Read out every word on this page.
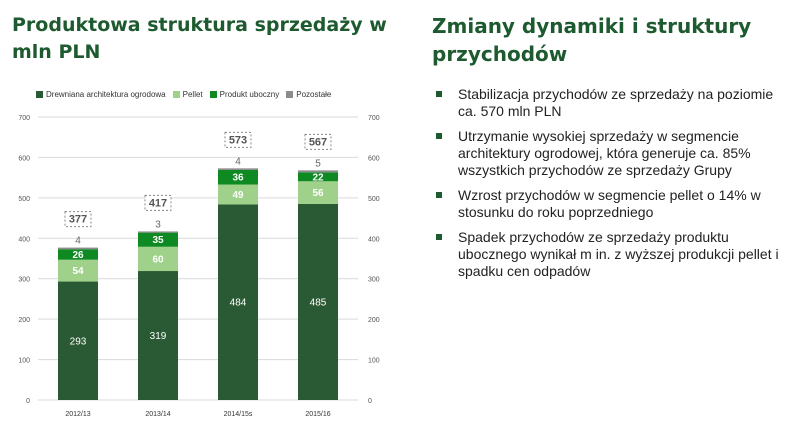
Produktowa struktura sprzedaży w mln PLN
Zmiany dynamiki i struktury przychodów
Drewniana architektura ogrodowa Pellet Produkt uboczny Pozostałe
0	0
100	100
200	200
300	300
400	400
500	500
600	600
700	700
293
54
26
4
377
2012/13
319
60
35
3
417
2013/14
484
49
36
4
573
2014/15s
485
56
22
5
567
2015/16
Stabilizacja przychodów ze sprzedaży na poziomie ca. 570 mln PLN
Utrzymanie wysokiej sprzedaży w segmencie architektury ogrodowej, która generuje ca. 85% wszystkich przychodów ze sprzedaży Grupy
Wzrost przychodów w segmencie pellet o 14% w stosunku do roku poprzedniego
Spadek przychodów ze sprzedaży produktu ubocznego wynikał m in. z wyższej produkcji pellet i spadku cen odpadów
